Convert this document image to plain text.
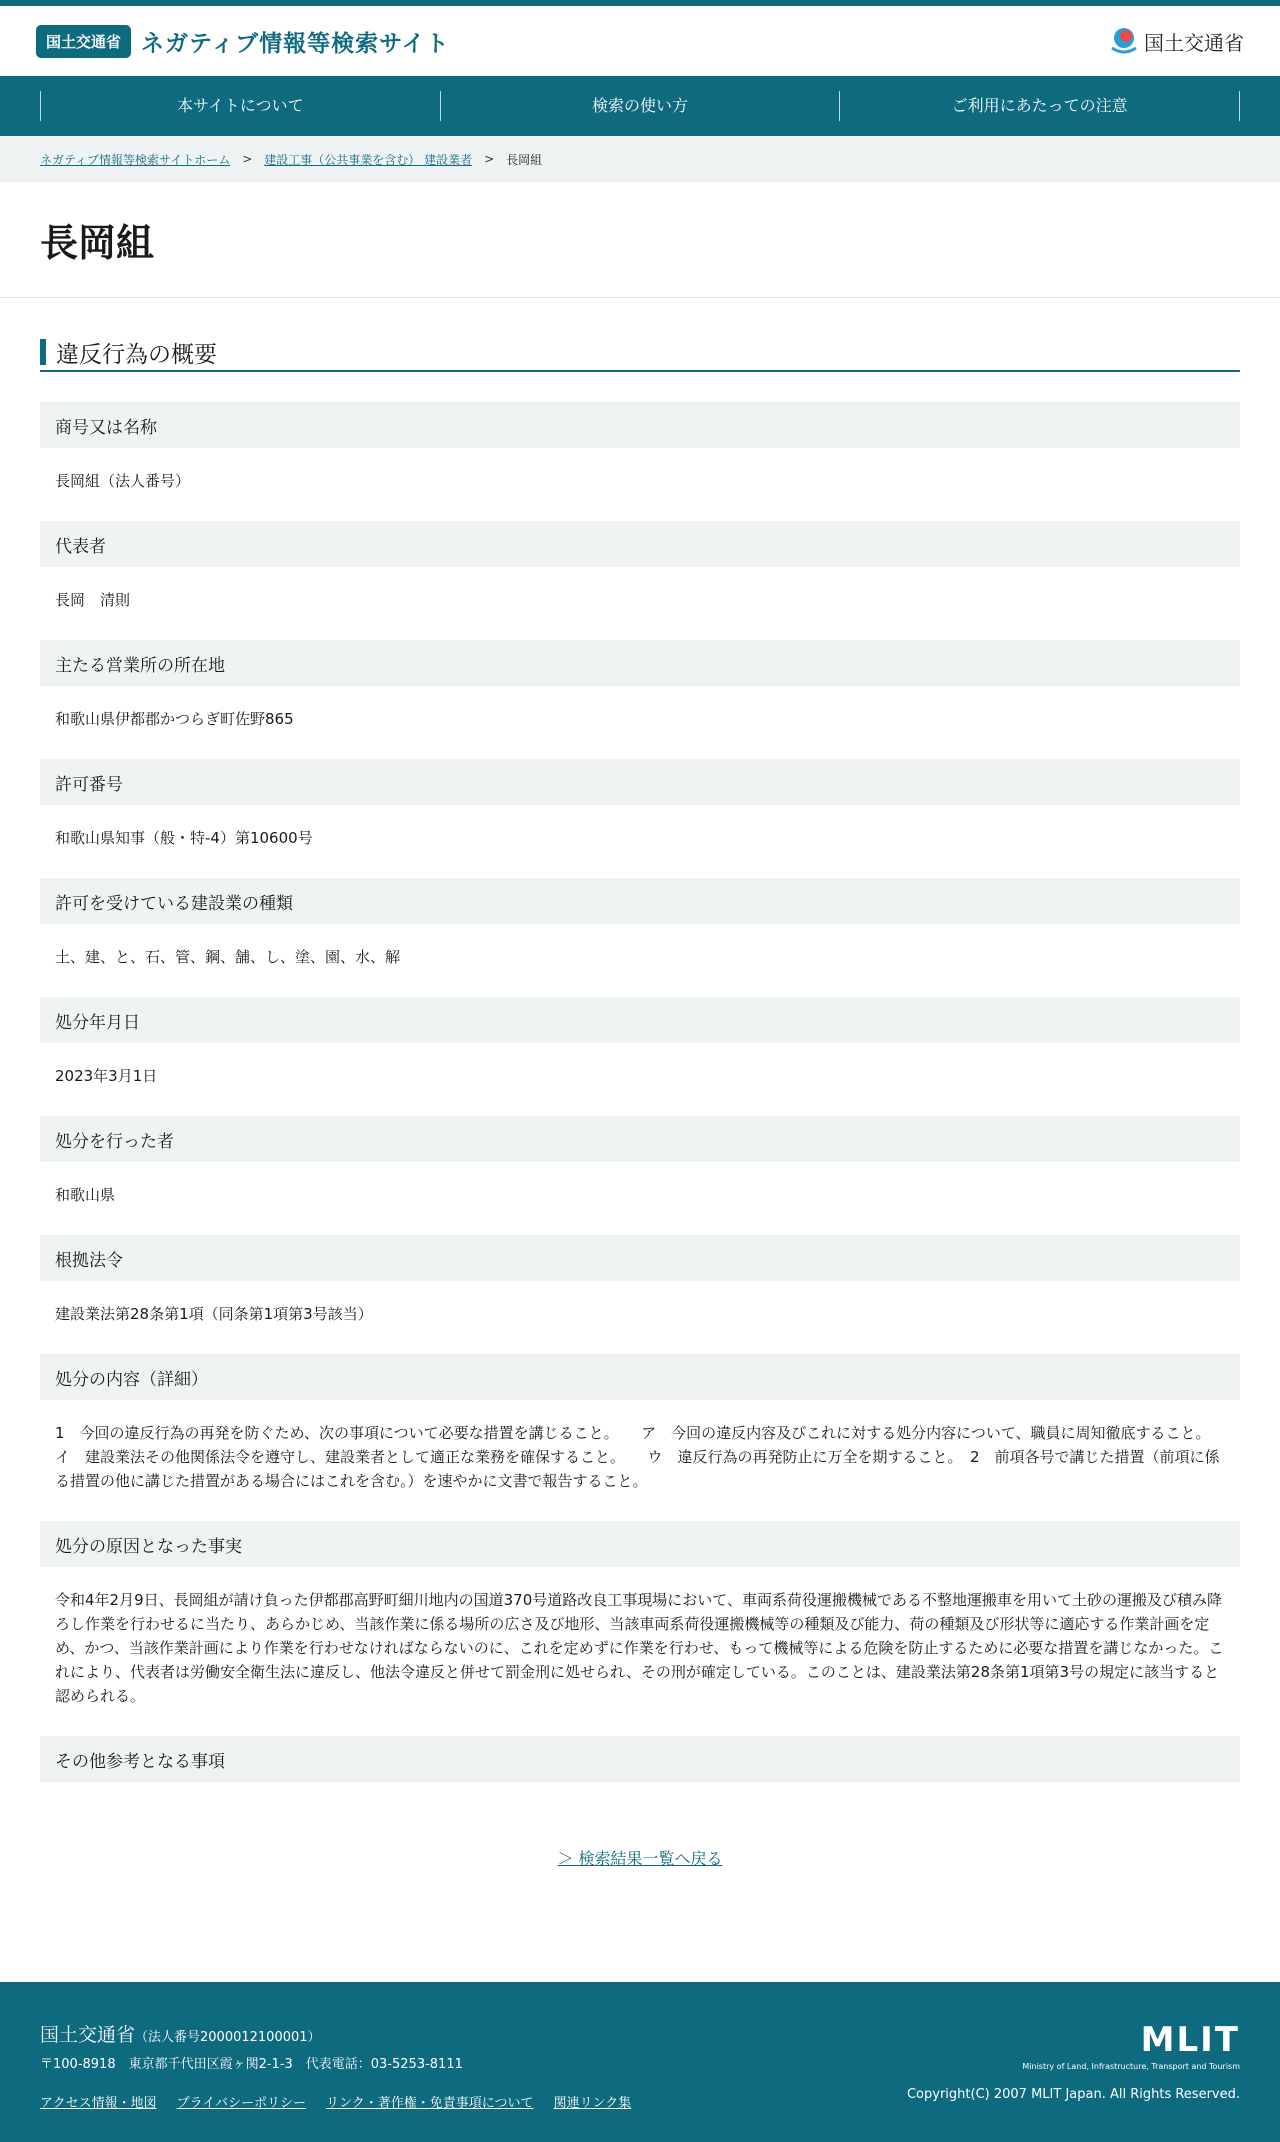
国土交通省 ネガティブ情報等検索サイト	国土交通省
本サイトについて	検索の使い方	ご利用にあたっての注意
ネガティブ情報等検索サイトホーム > 建設工事（公共事業を含む） 建設業者 > 長岡組
長岡組
違反行為の概要
商号又は名称
長岡組（法人番号）
代表者
長岡　清則
主たる営業所の所在地
和歌山県伊都郡かつらぎ町佐野865
許可番号
和歌山県知事（般・特-4）第10600号
許可を受けている建設業の種類
土、建、と、石、管、鋼、舗、し、塗、園、水、解
処分年月日
2023年3月1日
処分を行った者
和歌山県
根拠法令
建設業法第28条第1項（同条第1項第3号該当）
処分の内容（詳細）
1　今回の違反行為の再発を防ぐため、次の事項について必要な措置を講じること。　　ア　今回の違反内容及びこれに対する処分内容について、職員に周知徹底すること。　　イ　建設業法その他関係法令を遵守し、建設業者として適正な業務を確保すること。　　ウ　違反行為の再発防止に万全を期すること。　2　前項各号で講じた措置（前項に係る措置の他に講じた措置がある場合にはこれを含む。）を速やかに文書で報告すること。
処分の原因となった事実
令和4年2月9日、長岡組が請け負った伊都郡高野町細川地内の国道370号道路改良工事現場において、車両系荷役運搬機械である不整地運搬車を用いて土砂の運搬及び積み降ろし作業を行わせるに当たり、あらかじめ、当該作業に係る場所の広さ及び地形、当該車両系荷役運搬機械等の種類及び能力、荷の種類及び形状等に適応する作業計画を定め、かつ、当該作業計画により作業を行わせなければならないのに、これを定めずに作業を行わせ、もって機械等による危険を防止するために必要な措置を講じなかった。これにより、代表者は労働安全衛生法に違反し、他法令違反と併せて罰金刑に処せられ、その刑が確定している。このことは、建設業法第28条第1項第3号の規定に該当すると認められる。
その他参考となる事項
＞ 検索結果一覧へ戻る
国土交通省（法人番号2000012100001）
〒100-8918　東京都千代田区霞ヶ関2-1-3　代表電話：03-5253-8111
アクセス情報・地図 プライバシーポリシー リンク・著作権・免責事項について 関連リンク集
MLIT
Ministry of Land, Infrastructure, Transport and Tourism
Copyright(C) 2007 MLIT Japan. All Rights Reserved.
